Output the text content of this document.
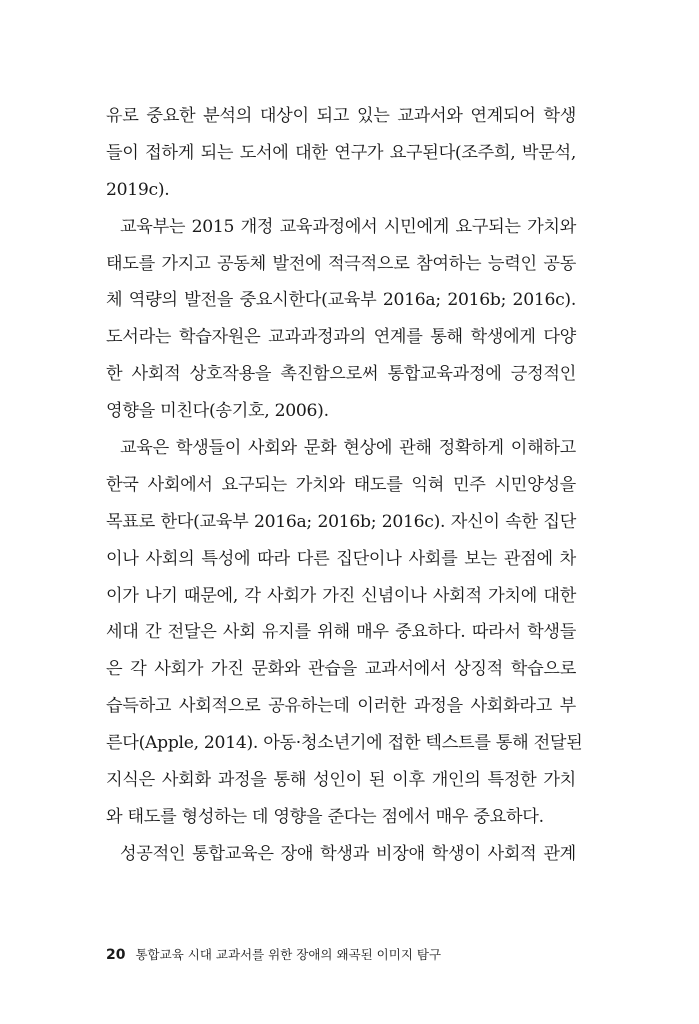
유로 중요한 분석의 대상이 되고 있는 교과서와 연계되어 학생
들이 접하게 되는 도서에 대한 연구가 요구된다(조주희, 박문석,
2019c).
교육부는 2015 개정 교육과정에서 시민에게 요구되는 가치와
태도를 가지고 공동체 발전에 적극적으로 참여하는 능력인 공동
체 역량의 발전을 중요시한다(교육부 2016a; 2016b; 2016c).
도서라는 학습자원은 교과과정과의 연계를 통해 학생에게 다양
한 사회적 상호작용을 촉진함으로써 통합교육과정에 긍정적인
영향을 미친다(송기호, 2006).
교육은 학생들이 사회와 문화 현상에 관해 정확하게 이해하고
한국 사회에서 요구되는 가치와 태도를 익혀 민주 시민양성을
목표로 한다(교육부 2016a; 2016b; 2016c). 자신이 속한 집단
이나 사회의 특성에 따라 다른 집단이나 사회를 보는 관점에 차
이가 나기 때문에, 각 사회가 가진 신념이나 사회적 가치에 대한
세대 간 전달은 사회 유지를 위해 매우 중요하다. 따라서 학생들
은 각 사회가 가진 문화와 관습을 교과서에서 상징적 학습으로
습득하고 사회적으로 공유하는데 이러한 과정을 사회화라고 부
른다(Apple, 2014). 아동·청소년기에 접한 텍스트를 통해 전달된
지식은 사회화 과정을 통해 성인이 된 이후 개인의 특정한 가치
와 태도를 형성하는 데 영향을 준다는 점에서 매우 중요하다.
성공적인 통합교육은 장애 학생과 비장애 학생이 사회적 관계
20 통합교육 시대 교과서를 위한 장애의 왜곡된 이미지 탐구
